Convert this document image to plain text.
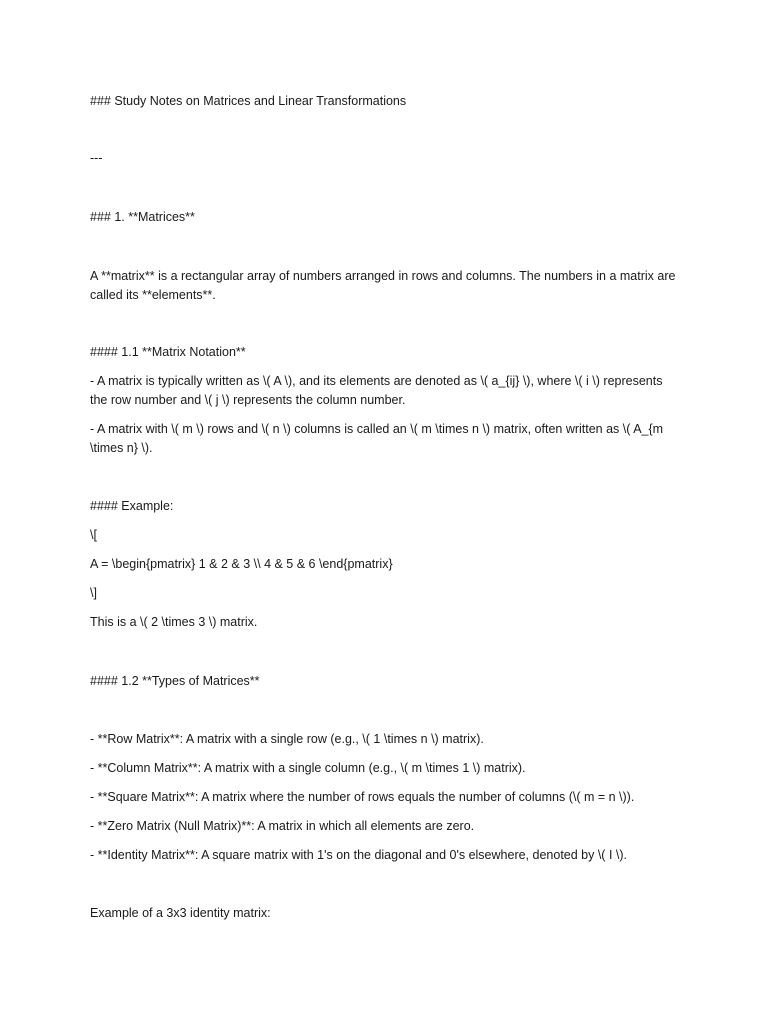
### Study Notes on Matrices and Linear Transformations

---

### 1. **Matrices**

A **matrix** is a rectangular array of numbers arranged in rows and columns. The numbers in a matrix are called its **elements**.

#### 1.1 **Matrix Notation**

- A matrix is typically written as \( A \), and its elements are denoted as \( a_{ij} \), where \( i \) represents the row number and \( j \) represents the column number.

- A matrix with \( m \) rows and \( n \) columns is called an \( m \times n \) matrix, often written as \( A_{m \times n} \).

#### Example:

\[

A = \begin{pmatrix} 1 & 2 & 3 \\ 4 & 5 & 6 \end{pmatrix}

\]

This is a \( 2 \times 3 \) matrix.

#### 1.2 **Types of Matrices**

- **Row Matrix**: A matrix with a single row (e.g., \( 1 \times n \) matrix).

- **Column Matrix**: A matrix with a single column (e.g., \( m \times 1 \) matrix).

- **Square Matrix**: A matrix where the number of rows equals the number of columns (\( m = n \)).

- **Zero Matrix (Null Matrix)**: A matrix in which all elements are zero.

- **Identity Matrix**: A square matrix with 1's on the diagonal and 0's elsewhere, denoted by \( I \).

Example of a 3x3 identity matrix:
